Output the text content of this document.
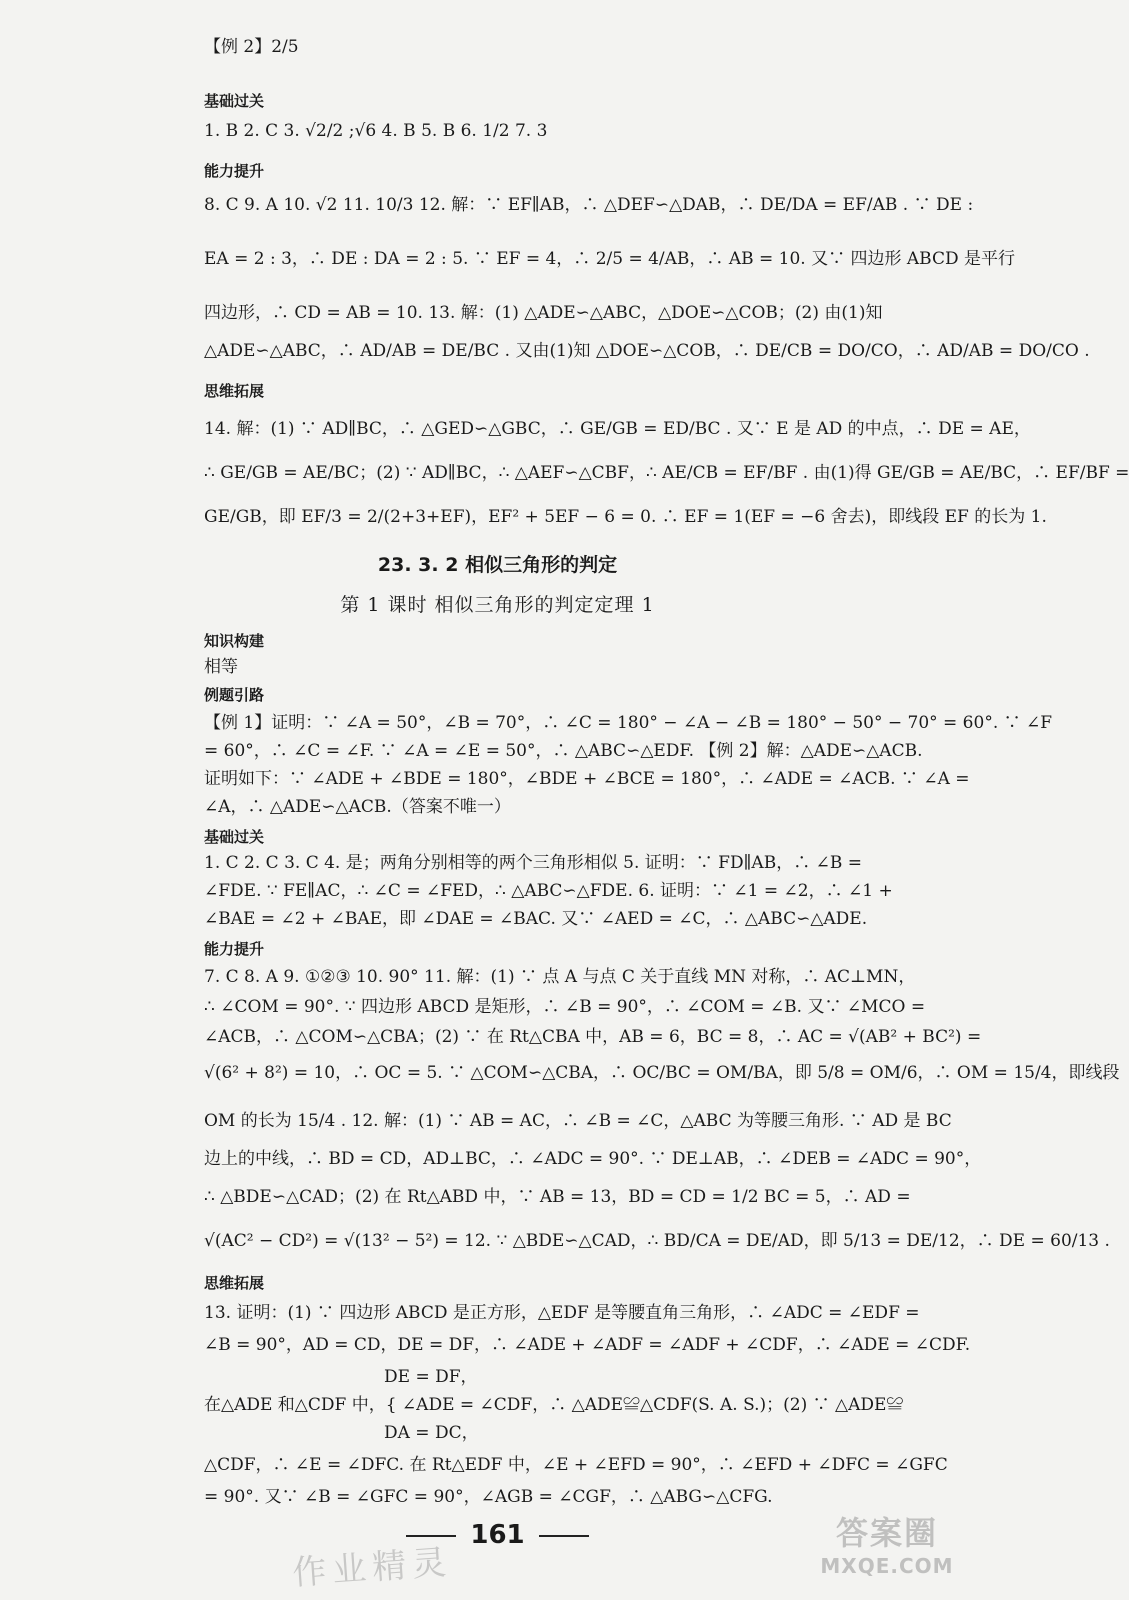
【例 2】2/5
基础过关
1. B 2. C 3. √2/2 ;√6 4. B 5. B 6. 1/2 7. 3
能力提升
8. C 9. A 10. √2 11. 10/3 12. 解：∵ EF∥AB，∴ △DEF∽△DAB，∴ DE/DA = EF/AB . ∵ DE :
EA = 2 : 3，∴ DE : DA = 2 : 5. ∵ EF = 4，∴ 2/5 = 4/AB，∴ AB = 10. 又∵ 四边形 ABCD 是平行
四边形，∴ CD = AB = 10. 13. 解：(1) △ADE∽△ABC，△DOE∽△COB；(2) 由(1)知
△ADE∽△ABC，∴ AD/AB = DE/BC . 又由(1)知 △DOE∽△COB，∴ DE/CB = DO/CO，∴ AD/AB = DO/CO .
思维拓展
14. 解：(1) ∵ AD∥BC，∴ △GED∽△GBC，∴ GE/GB = ED/BC . 又∵ E 是 AD 的中点，∴ DE = AE，
∴ GE/GB = AE/BC；(2) ∵ AD∥BC，∴ △AEF∽△CBF，∴ AE/CB = EF/BF . 由(1)得 GE/GB = AE/BC，∴ EF/BF =
GE/GB，即 EF/3 = 2/(2+3+EF)，EF² + 5EF − 6 = 0. ∴ EF = 1(EF = −6 舍去)，即线段 EF 的长为 1.
23. 3. 2 相似三角形的判定
第 1 课时 相似三角形的判定定理 1
知识构建
相等
例题引路
【例 1】证明：∵ ∠A = 50°，∠B = 70°，∴ ∠C = 180° − ∠A − ∠B = 180° − 50° − 70° = 60°. ∵ ∠F
= 60°，∴ ∠C = ∠F. ∵ ∠A = ∠E = 50°，∴ △ABC∽△EDF. 【例 2】解：△ADE∽△ACB.
证明如下：∵ ∠ADE + ∠BDE = 180°，∠BDE + ∠BCE = 180°，∴ ∠ADE = ∠ACB. ∵ ∠A =
∠A，∴ △ADE∽△ACB.（答案不唯一）
基础过关
1. C 2. C 3. C 4. 是；两角分别相等的两个三角形相似 5. 证明：∵ FD∥AB，∴ ∠B =
∠FDE. ∵ FE∥AC，∴ ∠C = ∠FED，∴ △ABC∽△FDE. 6. 证明：∵ ∠1 = ∠2，∴ ∠1 +
∠BAE = ∠2 + ∠BAE，即 ∠DAE = ∠BAC. 又∵ ∠AED = ∠C，∴ △ABC∽△ADE.
能力提升
7. C 8. A 9. ①②③ 10. 90° 11. 解：(1) ∵ 点 A 与点 C 关于直线 MN 对称，∴ AC⊥MN，
∴ ∠COM = 90°. ∵ 四边形 ABCD 是矩形，∴ ∠B = 90°，∴ ∠COM = ∠B. 又∵ ∠MCO =
∠ACB，∴ △COM∽△CBA；(2) ∵ 在 Rt△CBA 中，AB = 6，BC = 8，∴ AC = √(AB² + BC²) =
√(6² + 8²) = 10，∴ OC = 5. ∵ △COM∽△CBA，∴ OC/BC = OM/BA，即 5/8 = OM/6，∴ OM = 15/4，即线段
OM 的长为 15/4 . 12. 解：(1) ∵ AB = AC，∴ ∠B = ∠C，△ABC 为等腰三角形. ∵ AD 是 BC
边上的中线，∴ BD = CD，AD⊥BC，∴ ∠ADC = 90°. ∵ DE⊥AB，∴ ∠DEB = ∠ADC = 90°，
∴ △BDE∽△CAD；(2) 在 Rt△ABD 中，∵ AB = 13，BD = CD = 1/2 BC = 5，∴ AD =
√(AC² − CD²) = √(13² − 5²) = 12. ∵ △BDE∽△CAD，∴ BD/CA = DE/AD，即 5/13 = DE/12，∴ DE = 60/13 .
思维拓展
13. 证明：(1) ∵ 四边形 ABCD 是正方形，△EDF 是等腰直角三角形，∴ ∠ADC = ∠EDF =
∠B = 90°，AD = CD，DE = DF，∴ ∠ADE + ∠ADF = ∠ADF + ∠CDF，∴ ∠ADE = ∠CDF.
DE = DF，
在△ADE 和△CDF 中，{ ∠ADE = ∠CDF，∴ △ADE≌△CDF(S. A. S.)；(2) ∵ △ADE≌
DA = DC，
△CDF，∴ ∠E = ∠DFC. 在 Rt△EDF 中，∠E + ∠EFD = 90°，∴ ∠EFD + ∠DFC = ∠GFC
= 90°. 又∵ ∠B = ∠GFC = 90°，∠AGB = ∠CGF，∴ △ABG∽△CFG.
161
作业精灵
答案圈
MXQE.COM
